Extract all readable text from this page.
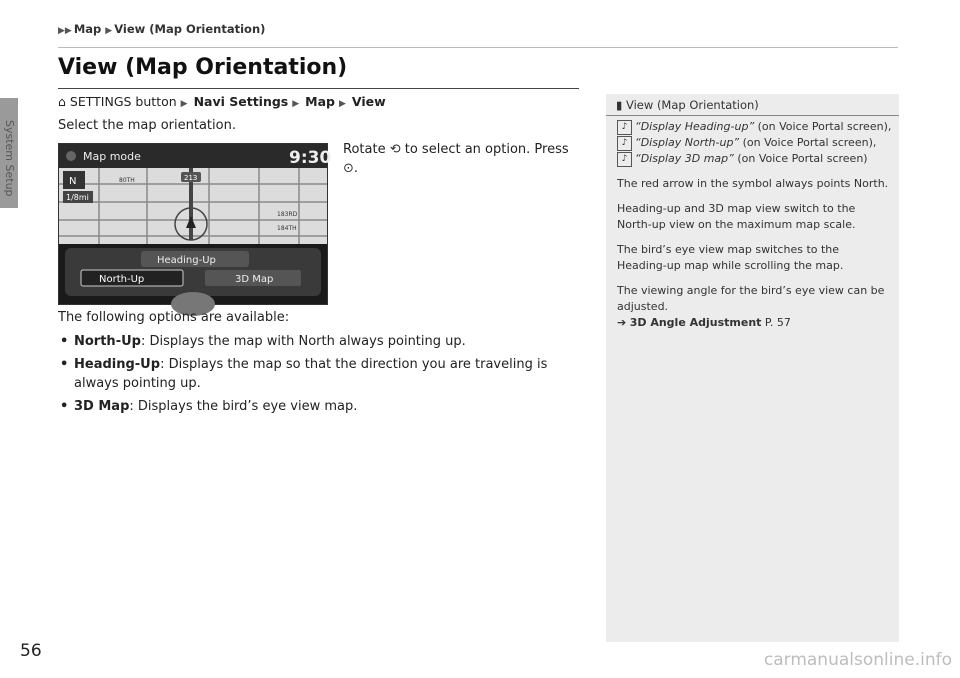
System Setup
▶▶ Map ▶ View (Map Orientation)
View (Map Orientation)
⌂ SETTINGS button ▶ Navi Settings ▶ Map ▶ View
Select the map orientation.
Map mode	9:30
213
80TH
183RD
184TH
N
1/8mi
Heading-Up
North-Up	3D Map
Rotate ⟲ to select an option. Press
⊙.
The following options are available:
• North-Up: Displays the map with North always pointing up.
• Heading-Up: Displays the map so that the direction you are traveling is always pointing up.
• 3D Map: Displays the bird’s eye view map.
▮ View (Map Orientation)

♪ “Display Heading-up” (on Voice Portal screen), ♪ “Display North-up” (on Voice Portal screen), ♪ “Display 3D map” (on Voice Portal screen)

The red arrow in the symbol always points North.

Heading-up and 3D map view switch to the North-up view on the maximum map scale.

The bird’s eye view map switches to the Heading-up map while scrolling the map.

The viewing angle for the bird’s eye view can be adjusted.
➔ 3D Angle Adjustment P. 57

56	carmanualsonline.info
